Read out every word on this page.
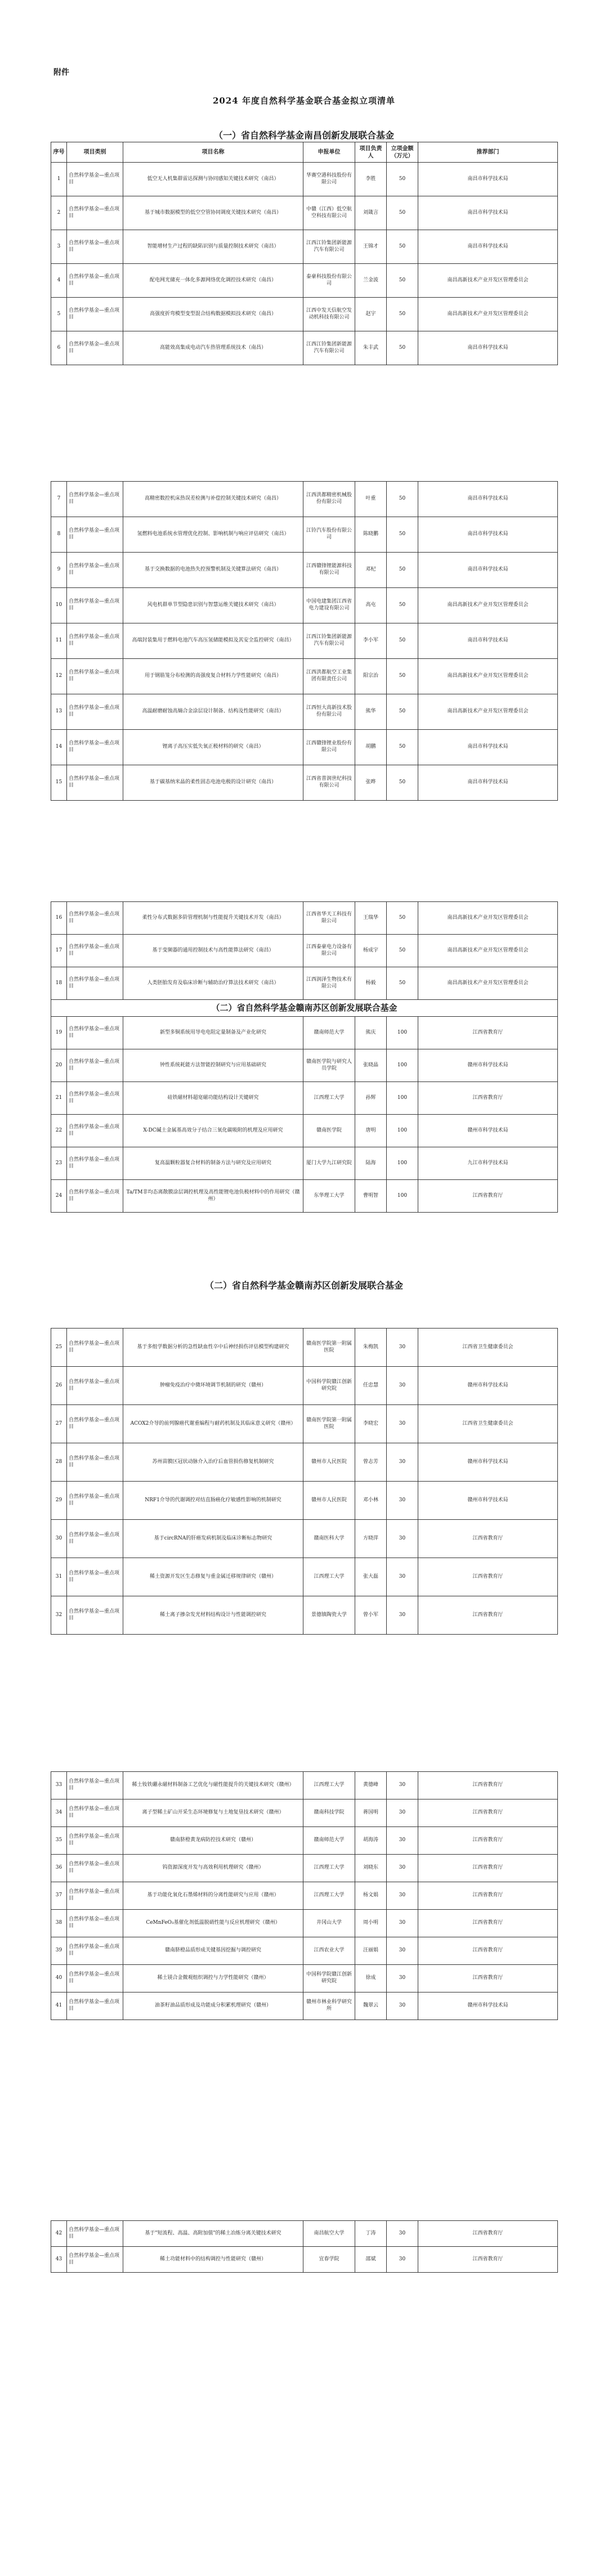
附件
2024 年度自然科学基金联合基金拟立项清单
（一）省自然科学基金南昌创新发展联合基金
序号	项目类别	项目名称	申报单位	项目负责人	立项金额（万元）	推荐部门
1	自然科学基金—重点项目	低空无人机集群雷达探测与协同感知关键技术研究（南昌）	华赛空港科技股份有限公司	李胜	50	南昌市科学技术局
2	自然科学基金—重点项目	基于城市数据模型的低空空管协同调度关键技术研究（南昌）	中赣（江西）低空航空科技有限公司	刘箴言	50	南昌市科学技术局
3	自然科学基金—重点项目	智能增材生产过程的缺陷识别与质量控制技术研究（南昌）	江西江铃集团新能源汽车有限公司	王锦才	50	南昌市科学技术局
4	自然科学基金—重点项目	配电网光储充一体化多源网络优化调控技术研究（南昌）	泰豪科技股份有限公司	兰金波	50	南昌高新技术产业开发区管理委员会
5	自然科学基金—重点项目	高强度折弯模型变型混合结构数据模拟技术研究（南昌）	江西中发天信航空发动机科技有限公司	赵宇	50	南昌高新技术产业开发区管理委员会
6	自然科学基金—重点项目	高能效高集成电动汽车热管理系统技术（南昌）	江西江铃集团新能源汽车有限公司	朱丰武	50	南昌市科学技术局
7	自然科学基金—重点项目	高精密数控机床热误差检测与补偿控制关键技术研究（南昌）	江西洪都精密机械股份有限公司	叶重	50	南昌市科学技术局
8	自然科学基金—重点项目	氢燃料电池系统水管理优化控制、影响机制与响应评估研究（南昌）	江铃汽车股份有限公司	陈晓鹏	50	南昌市科学技术局
9	自然科学基金—重点项目	基于交换数据的电池热失控预警机制及关键算法研究（南昌）	江西赣锋锂能源科技有限公司	邓杞	50	南昌市科学技术局
10	自然科学基金—重点项目	风电机群单节型隐患识别与智慧运维关键技术研究（南昌）	中国电建集团江西省电力建设有限公司	高屯	50	南昌高新技术产业开发区管理委员会
11	自然科学基金—重点项目	高端封装集用于燃料电池汽车高压氢储能模拟及其安全监控研究（南昌）	江西江铃集团新能源汽车有限公司	李小军	50	南昌市科学技术局
12	自然科学基金—重点项目	用于钢筋笼分布检测的高强度复合材料力学性能研究（南昌）	江西洪都航空工业集团有限责任公司	阳宗治	50	南昌高新技术产业开发区管理委员会
13	自然科学基金—重点项目	高温耐磨耐蚀高熵合金涂层设计制备、结构及性能研究（南昌）	江西恒大高新技术股份有限公司	熊华	50	南昌高新技术产业开发区管理委员会
14	自然科学基金—重点项目	锂离子高压实低失氧正极材料的研究（南昌）	江西赣锋锂业股份有限公司	胡鹏	50	南昌市科学技术局
15	自然科学基金—重点项目	基于碳基纳米晶的柔性固态电池电极的设计研究（南昌）	江西省普润世纪科技有限公司	张晔	50	南昌市科学技术局
16	自然科学基金—重点项目	柔性分布式数据多阶管理机制与性能提升关键技术开发（南昌）	江西省华天工科技有限公司	王瑞华	50	南昌高新技术产业开发区管理委员会
17	自然科学基金—重点项目	基于变频器的通用控制技术与高性能算法研究（南昌）	江西泰豪电力设备有限公司	杨成宇	50	南昌高新技术产业开发区管理委员会
18	自然科学基金—重点项目	人类胚胎发育及临床诊断与辅助治疗算法技术研究（南昌）	江西润泽生物技术有限公司	杨毅	50	南昌高新技术产业开发区管理委员会
（二）省自然科学基金赣南苏区创新发展联合基金						
19	自然科学基金—重点项目	新型多铜系统用导电电阻定量制备及产业化研究	赣南师范大学	熊庆	100	江西省教育厅
20	自然科学基金—重点项目	钟性系统耗能方法智能控制研究与应用基础研究	赣南医学院与研究人员学院	张晓晶	100	赣州市科学技术局
21	自然科学基金—重点项目	硅铁磁材料超宽磁功能结构设计关键研究	江西理工大学	孙辉	100	江西省教育厅
22	自然科学基金—重点项目	X-DC碱土金属基高效分子结合三氧化碳吸附的机理及应用研究	赣南医学院	唐明	100	赣州市科学技术局
23	自然科学基金—重点项目	复高温颗粒器复合材料的制备方法与研究及应用研究	厦门大学九江研究院	陆海	100	九江市科学技术局
24	自然科学基金—重点项目	Ta/TM非均态离散膜涂层调控机理及高性能锂电池负极材料中的作用研究（赣州）	东华理工大学	曹明智	100	江西省教育厅
（二）省自然科学基金赣南苏区创新发展联合基金
25	自然科学基金—重点项目	基于多组学数据分析的急性缺血性卒中后神经损伤评估模型构建研究	赣南医学院第一附属医院	朱梅凯	30	江西省卫生健康委员会
26	自然科学基金—重点项目	肿瘤免疫治疗中微环境调节机制的研究（赣州）	中国科学院赣江创新研究院	任忠慧	30	赣州市科学技术局
27	自然科学基金—重点项目	ACOX2介导的前列腺癌代谢重编程与耐药机制及其临床意义研究（赣州）	赣南医学院第一附属医院	李晓宏	30	江西省卫生健康委员会
28	自然科学基金—重点项目	苏州苗膜区冠状动脉介入治疗后血管损伤修复机制研究	赣州市人民医院	曾志芳	30	赣州市科学技术局
29	自然科学基金—重点项目	NRF1介导的代谢调控对结直肠癌化疗敏感性影响的机制研究	赣州市人民医院	邓小林	30	赣州市科学技术局
30	自然科学基金—重点项目	基于circRNA的肝癌发病机制及临床诊断标志物研究	赣南医科大学	方晓萍	30	江西省教育厅
31	自然科学基金—重点项目	稀土资源开发区生态修复与重金属迁移规律研究（赣州）	江西理工大学	张大磊	30	江西省教育厅
32	自然科学基金—重点项目	稀土离子掺杂发光材料结构设计与性能调控研究	景德镇陶瓷大学	曾小军	30	江西省教育厅
33	自然科学基金—重点项目	稀土钕铁硼永磁材料制备工艺优化与磁性能提升的关键技术研究（赣州）	江西理工大学	黄德峰	30	江西省教育厅
34	自然科学基金—重点项目	离子型稀土矿山开采生态环境修复与土地复垦技术研究（赣州）	赣南科技学院	蒋国明	30	江西省教育厅
35	自然科学基金—重点项目	赣南脐橙黄龙病防控技术研究（赣州）	赣南师范大学	胡海涛	30	江西省教育厅
36	自然科学基金—重点项目	钨资源深度开发与高效利用机理研究（赣州）	江西理工大学	刘晓东	30	江西省教育厅
37	自然科学基金—重点项目	基于功能化氧化石墨烯材料的分离性能研究与应用（赣州）	江西理工大学	杨文娟	30	江西省教育厅
38	自然科学基金—重点项目	CeMnFeO₃基催化剂低温脱硝性能与反应机理研究（赣州）	井冈山大学	周小明	30	江西省教育厅
39	自然科学基金—重点项目	赣南脐橙品质形成关键基因挖掘与调控研究	江西农业大学	汪丽娟	30	江西省教育厅
40	自然科学基金—重点项目	稀土镁合金微观组织调控与力学性能研究（赣州）	中国科学院赣江创新研究院	徐成	30	江西省教育厅
41	自然科学基金—重点项目	油茶籽油品质形成及功能成分积累机理研究（赣州）	赣州市林业科学研究所	魏翠云	30	赣州市科学技术局
42	自然科学基金—重点项目	基于"短流程、高温、高附加值"的稀土冶炼分离关键技术研究	南昌航空大学	丁涛	30	江西省教育厅
43	自然科学基金—重点项目	稀土功能材料中的结构调控与性能研究（赣州）	宜春学院	邵斌	30	江西省教育厅
